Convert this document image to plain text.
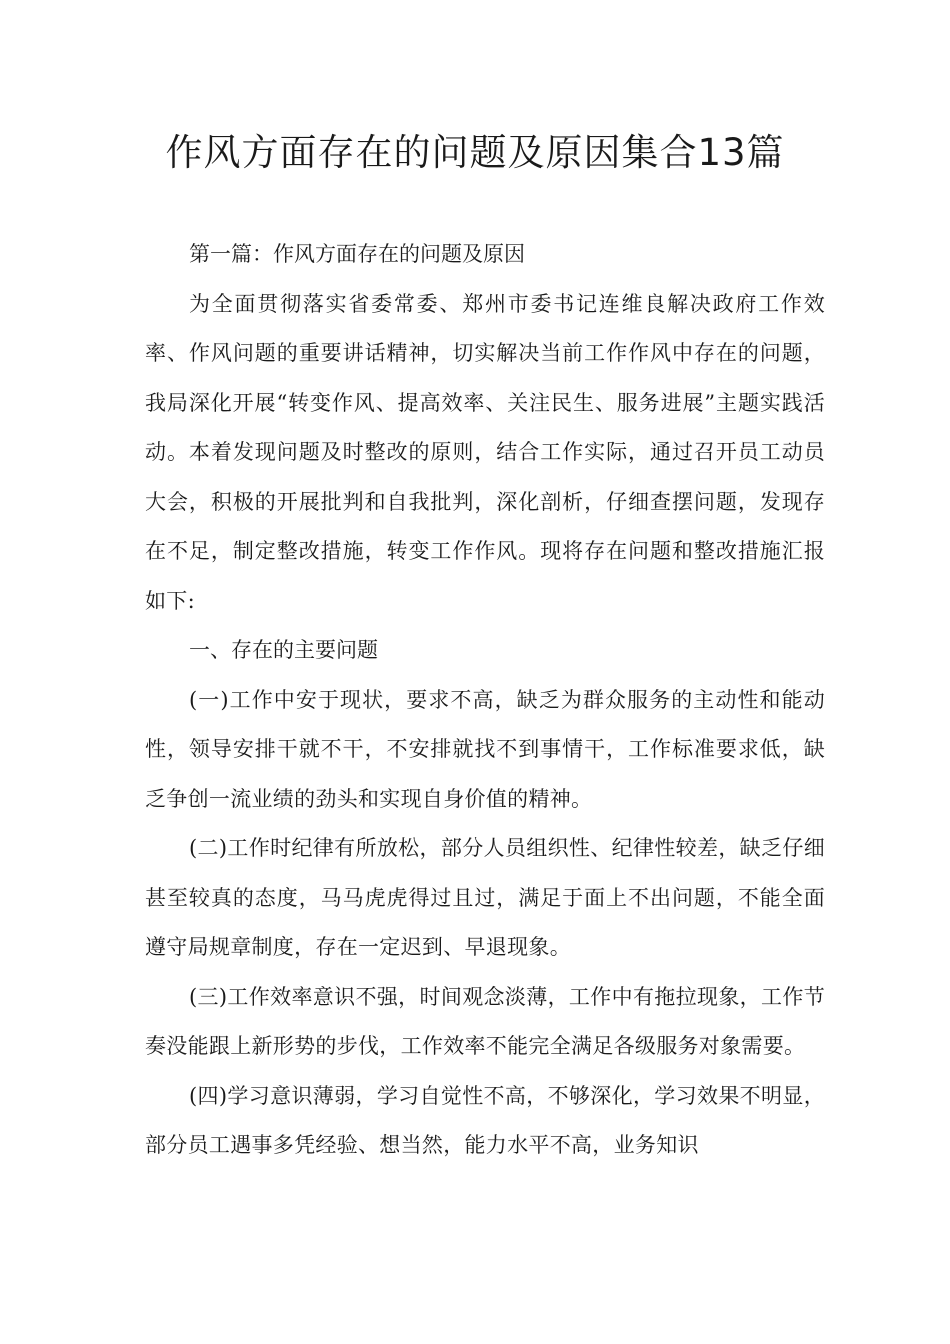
作风方面存在的问题及原因集合13篇

第一篇：作风方面存在的问题及原因

为全面贯彻落实省委常委、郑州市委书记连维良解决政府工作效率、作风问题的重要讲话精神，切实解决当前工作作风中存在的问题，我局深化开展“转变作风、提高效率、关注民生、服务进展”主题实践活动。本着发现问题及时整改的原则，结合工作实际，通过召开员工动员大会，积极的开展批判和自我批判，深化剖析，仔细查摆问题，发现存在不足，制定整改措施，转变工作作风。现将存在问题和整改措施汇报如下:

一、存在的主要问题

(一)工作中安于现状，要求不高，缺乏为群众服务的主动性和能动性，领导安排干就不干，不安排就找不到事情干，工作标准要求低，缺乏争创一流业绩的劲头和实现自身价值的精神。

(二)工作时纪律有所放松，部分人员组织性、纪律性较差，缺乏仔细甚至较真的态度，马马虎虎得过且过，满足于面上不出问题，不能全面遵守局规章制度，存在一定迟到、早退现象。

(三)工作效率意识不强，时间观念淡薄，工作中有拖拉现象，工作节奏没能跟上新形势的步伐，工作效率不能完全满足各级服务对象需要。

(四)学习意识薄弱，学习自觉性不高，不够深化，学习效果不明显，部分员工遇事多凭经验、想当然，能力水平不高，业务知识
